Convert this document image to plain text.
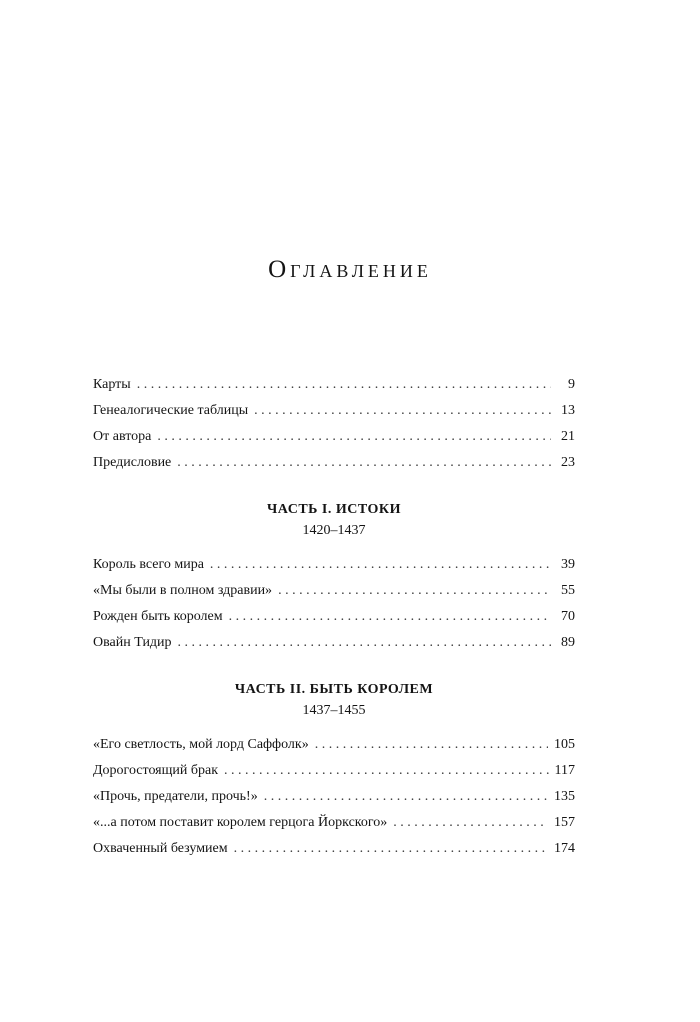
Оглавление
Карты . . .	9
Генеалогические таблицы . . .	13
От автора . . .	21
Предисловие . . .	23
ЧАСТЬ I. ИСТОКИ
1420–1437
Король всего мира . . .	39
«Мы были в полном здравии» . . .	55
Рожден быть королем . . .	70
Овайн Тидир . . .	89
ЧАСТЬ II. БЫТЬ КОРОЛЕМ
1437–1455
«Его светлость, мой лорд Саффолк» . . .	105
Дорогостоящий брак . . .	117
«Прочь, предатели, прочь!» . . .	135
«...а потом поставит королем герцога Йоркского» . . .	157
Охваченный безумием . . .	174
